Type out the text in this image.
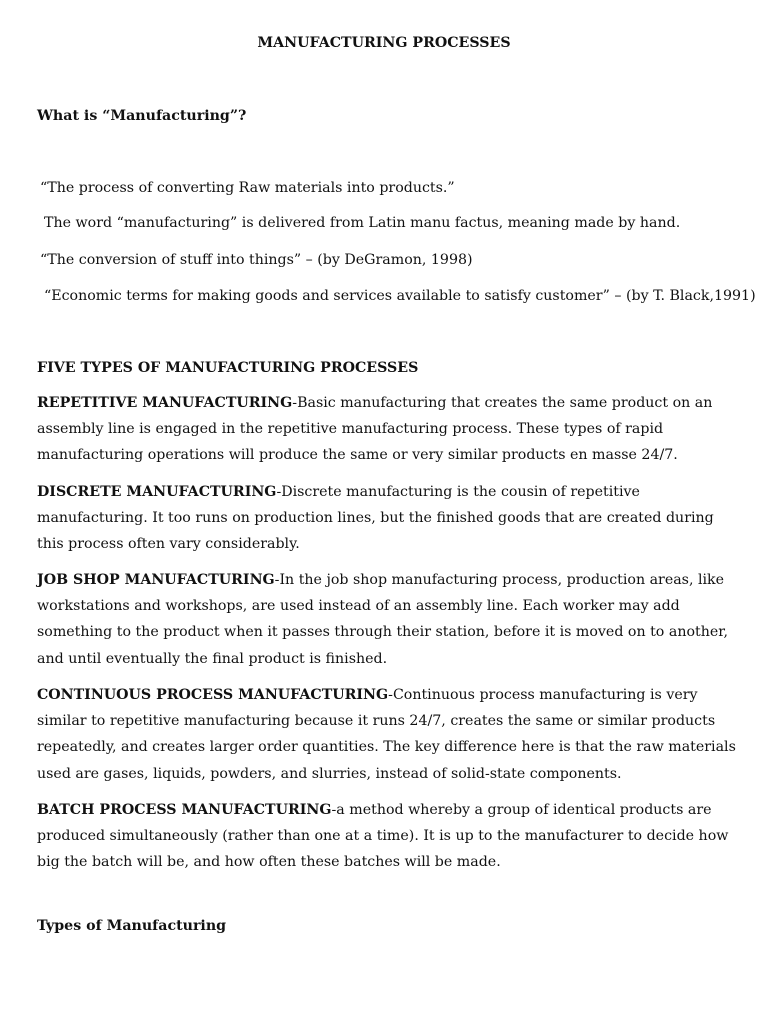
MANUFACTURING PROCESSES
What is “Manufacturing”?
“The process of converting Raw materials into products.”
The word “manufacturing” is delivered from Latin manu factus, meaning made by hand.
“The conversion of stuff into things” – (by DeGramon, 1998)
“Economic terms for making goods and services available to satisfy customer” – (by T. Black,1991)
FIVE TYPES OF MANUFACTURING PROCESSES
REPETITIVE MANUFACTURING-Basic manufacturing that creates the same product on an assembly line is engaged in the repetitive manufacturing process. These types of rapid manufacturing operations will produce the same or very similar products en masse 24/7.
DISCRETE MANUFACTURING-Discrete manufacturing is the cousin of repetitive manufacturing. It too runs on production lines, but the finished goods that are created during this process often vary considerably.
JOB SHOP MANUFACTURING-In the job shop manufacturing process, production areas, like workstations and workshops, are used instead of an assembly line. Each worker may add something to the product when it passes through their station, before it is moved on to another, and until eventually the final product is finished.
CONTINUOUS PROCESS MANUFACTURING-Continuous process manufacturing is very similar to repetitive manufacturing because it runs 24/7, creates the same or similar products repeatedly, and creates larger order quantities. The key difference here is that the raw materials used are gases, liquids, powders, and slurries, instead of solid-state components.
BATCH PROCESS MANUFACTURING-a method whereby a group of identical products are produced simultaneously (rather than one at a time). It is up to the manufacturer to decide how big the batch will be, and how often these batches will be made.
Types of Manufacturing
